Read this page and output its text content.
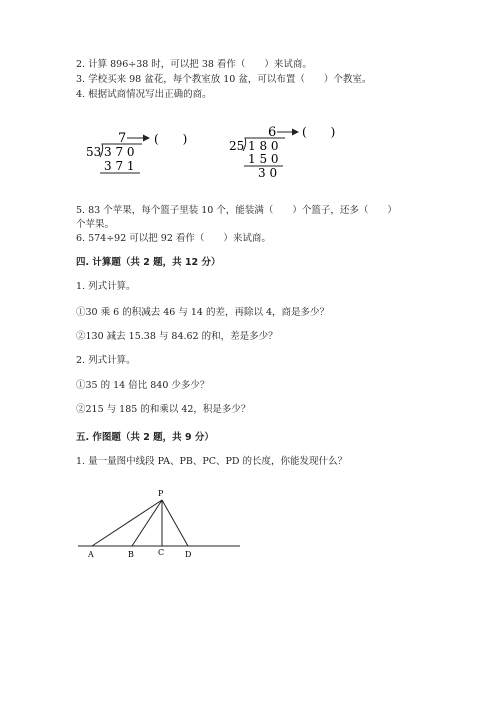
2. 计算 896÷38 时，可以把 38 看作（　　）来试商。
3. 学校买来 98 盆花，每个教室放 10 盆，可以布置（　　）个教室。
4. 根据试商情况写出正确的商。
7 (　　)
53 3 7 0
3 7 1
6 (　　)
25 1 8 0
1 5 0
3 0
P
A	B	C	D
5. 83 个苹果，每个篮子里装 10 个，能装满（　　）个篮子，还多（　　）
个苹果。
6. 574÷92 可以把 92 看作（　　）来试商。
四. 计算题（共 2 题，共 12 分）
1. 列式计算。
①30 乘 6 的积减去 46 与 14 的差，再除以 4，商是多少？
②130 减去 15.38 与 84.62 的和，差是多少？
2. 列式计算。
①35 的 14 倍比 840 少多少？
②215 与 185 的和乘以 42，积是多少？
五. 作图题（共 2 题，共 9 分）
1. 量一量图中线段 PA、PB、PC、PD 的长度，你能发现什么？
